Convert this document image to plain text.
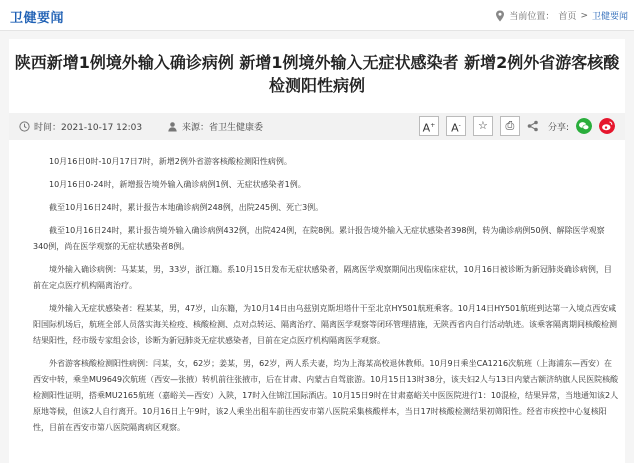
卫健要闻	当前位置： 首页 > 卫健要闻
陕西新增1例境外输入确诊病例 新增1例境外输入无症状感染者 新增2例外省游客核酸检测阳性病例
时间：2021-10-17 12:03	来源：省卫生健康委	A+	A-	☆	⎙	分享:

10月16日0时-10月17日7时，新增2例外省游客核酸检测阳性病例。

10月16日0-24时，新增报告境外输入确诊病例1例、无症状感染者1例。

截至10月16日24时，累计报告本地确诊病例248例，出院245例、死亡3例。

截至10月16日24时，累计报告境外输入确诊病例432例，出院424例，在院8例。累计报告境外输入无症状感染者398例，转为确诊病例50例、解除医学观察340例，尚在医学观察的无症状感染者8例。

境外输入确诊病例：马某某，男，33岁，浙江籍。系10月15日发布无症状感染者，隔离医学观察期间出现临床症状，10月16日被诊断为新冠肺炎确诊病例，目前在定点医疗机构隔离治疗。

境外输入无症状感染者：程某某，男，47岁，山东籍，为10月14日由乌兹别克斯坦塔什干至北京HY501航班乘客。10月14日HY501航班到达第一入境点西安咸阳国际机场后，航班全部人员落实海关检疫、核酸检测、点对点转运、隔离治疗、隔离医学观察等闭环管理措施，无陕西省内自行活动轨迹。该乘客隔离期间核酸检测结果阳性，经市级专家组会诊，诊断为新冠肺炎无症状感染者，目前在定点医疗机构隔离医学观察。

外省游客核酸检测阳性病例：闫某，女，62岁；姜某，男，62岁，两人系夫妻，均为上海某高校退休教师。10月9日乘坐CA1216次航班（上海浦东—西安）在西安中转，乘坐MU9649次航班（西安—张掖）转机前往张掖市，后在甘肃、内蒙古自驾旅游。10月15日13时38分，该夫妇2人与13日内蒙古额济纳旗人民医院核酸检测阳性证明，搭乘MU2165航班（嘉峪关—西安）入陕，17时入住锦江国际酒店。10月15日9时在甘肃嘉峪关中医医院进行1：10混检，结果异常，当地通知该2人原地等候，但该2人自行离开。10月16日上午9时，该2人乘坐出租车前往西安市第八医院采集核酸样本，当日17时核酸检测结果初筛阳性。经省市疾控中心复核阳性，目前在西安市第八医院隔离病区观察。
